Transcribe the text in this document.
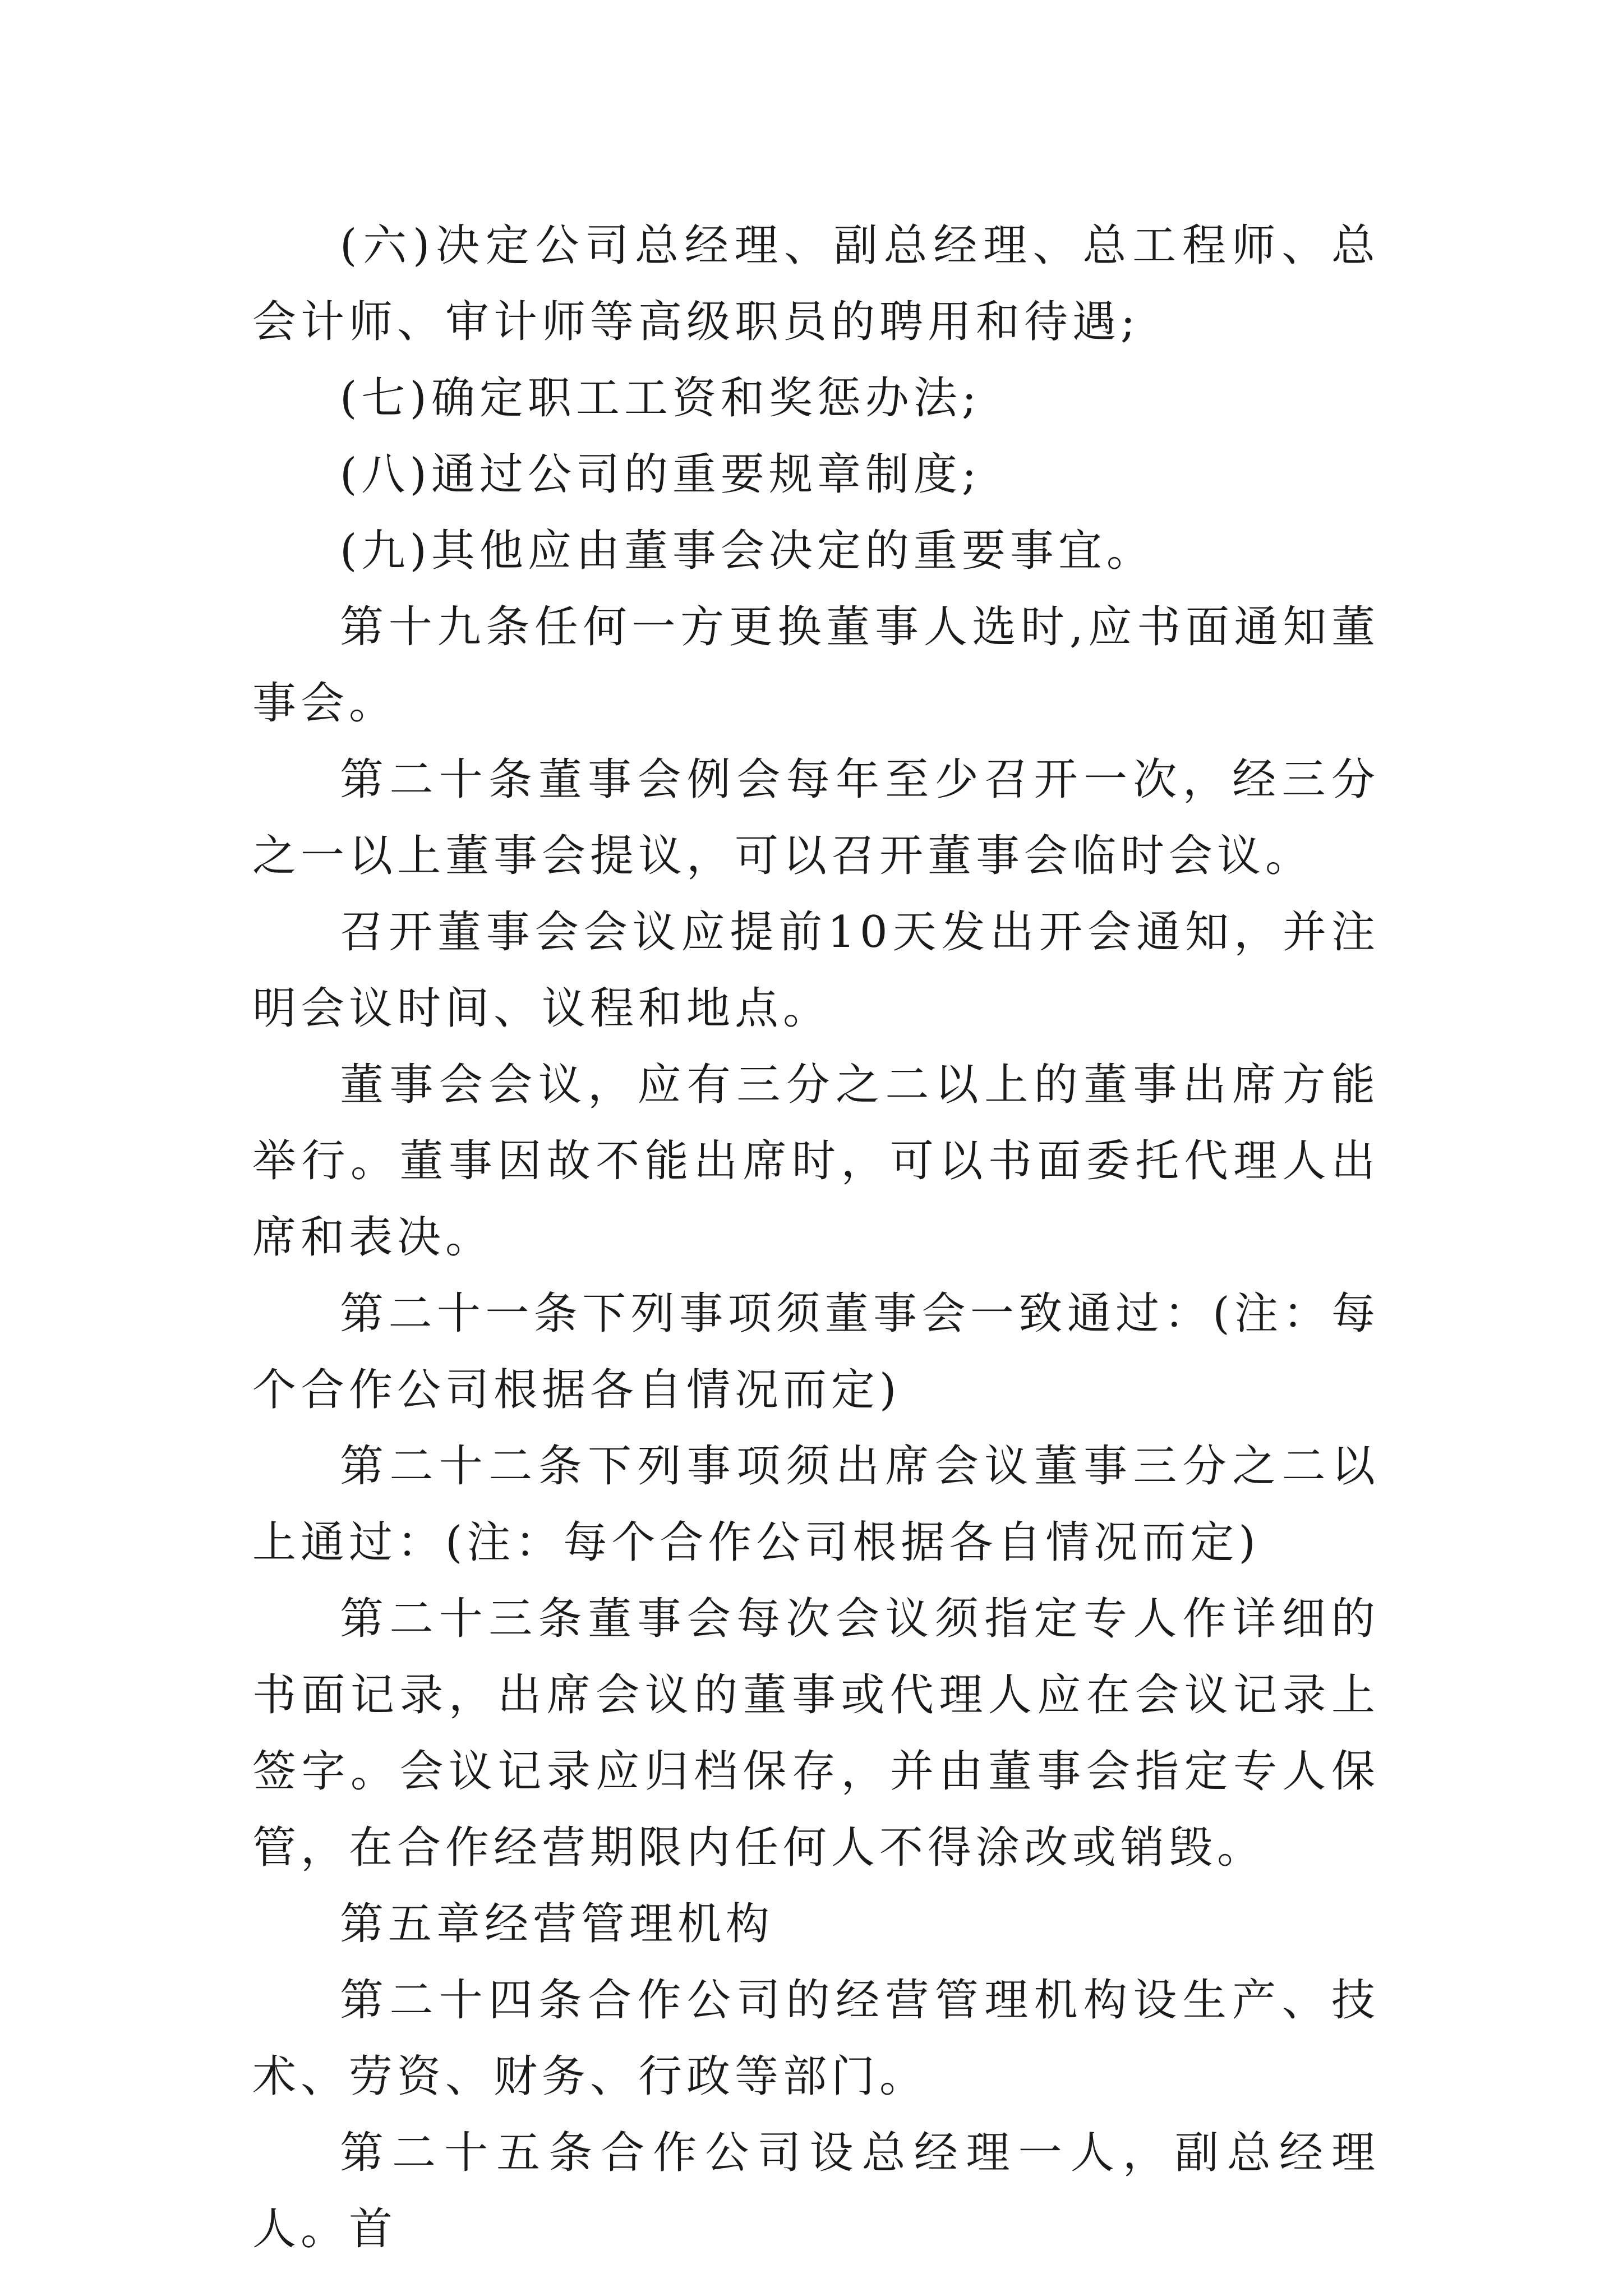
(六)决定公司总经理、副总经理、总工程师、总会计师、审计师等高级职员的聘用和待遇;

(七)确定职工工资和奖惩办法;

(八)通过公司的重要规章制度;

(九)其他应由董事会决定的重要事宜。

第十九条任何一方更换董事人选时,应书面通知董事会。

第二十条董事会例会每年至少召开一次，经三分之一以上董事会提议，可以召开董事会临时会议。

召开董事会会议应提前10天发出开会通知，并注明会议时间、议程和地点。

董事会会议，应有三分之二以上的董事出席方能举行。董事因故不能出席时，可以书面委托代理人出席和表决。

第二十一条下列事项须董事会一致通过：(注：每个合作公司根据各自情况而定)

第二十二条下列事项须出席会议董事三分之二以上通过：(注：每个合作公司根据各自情况而定)

第二十三条董事会每次会议须指定专人作详细的书面记录，出席会议的董事或代理人应在会议记录上签字。会议记录应归档保存，并由董事会指定专人保管，在合作经营期限内任何人不得涂改或销毁。

第五章经营管理机构

第二十四条合作公司的经营管理机构设生产、技术、劳资、财务、行政等部门。

第二十五条合作公司设总经理一人，副总经理 人。首
